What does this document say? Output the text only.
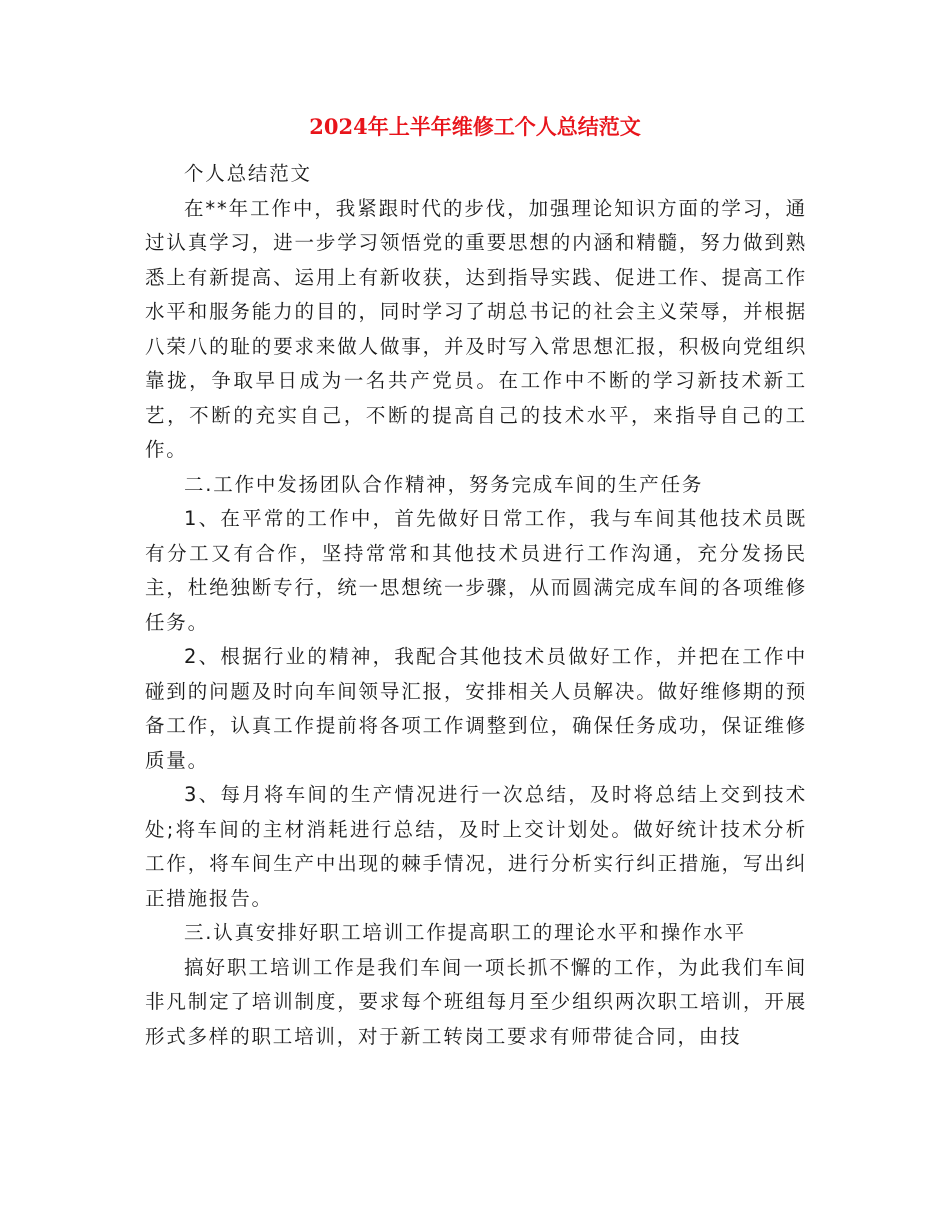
2024年上半年维修工个人总结范文

个人总结范文

在**年工作中，我紧跟时代的步伐，加强理论知识方面的学习，通过认真学习，进一步学习领悟党的重要思想的内涵和精髓，努力做到熟悉上有新提高、运用上有新收获，达到指导实践、促进工作、提高工作水平和服务能力的目的，同时学习了胡总书记的社会主义荣辱，并根据八荣八的耻的要求来做人做事，并及时写入常思想汇报，积极向党组织靠拢，争取早日成为一名共产党员。在工作中不断的学习新技术新工艺，不断的充实自己，不断的提高自己的技术水平，来指导自己的工作。

二.工作中发扬团队合作精神，努务完成车间的生产任务

1、在平常的工作中，首先做好日常工作，我与车间其他技术员既有分工又有合作，坚持常常和其他技术员进行工作沟通，充分发扬民主，杜绝独断专行，统一思想统一步骤，从而圆满完成车间的各项维修任务。

2、根据行业的精神，我配合其他技术员做好工作，并把在工作中碰到的问题及时向车间领导汇报，安排相关人员解决。做好维修期的预备工作，认真工作提前将各项工作调整到位，确保任务成功，保证维修质量。

3、每月将车间的生产情况进行一次总结，及时将总结上交到技术处;将车间的主材消耗进行总结，及时上交计划处。做好统计技术分析工作，将车间生产中出现的棘手情况，进行分析实行纠正措施，写出纠正措施报告。

三.认真安排好职工培训工作提高职工的理论水平和操作水平

搞好职工培训工作是我们车间一项长抓不懈的工作，为此我们车间非凡制定了培训制度，要求每个班组每月至少组织两次职工培训，开展形式多样的职工培训，对于新工转岗工要求有师带徒合同，由技
